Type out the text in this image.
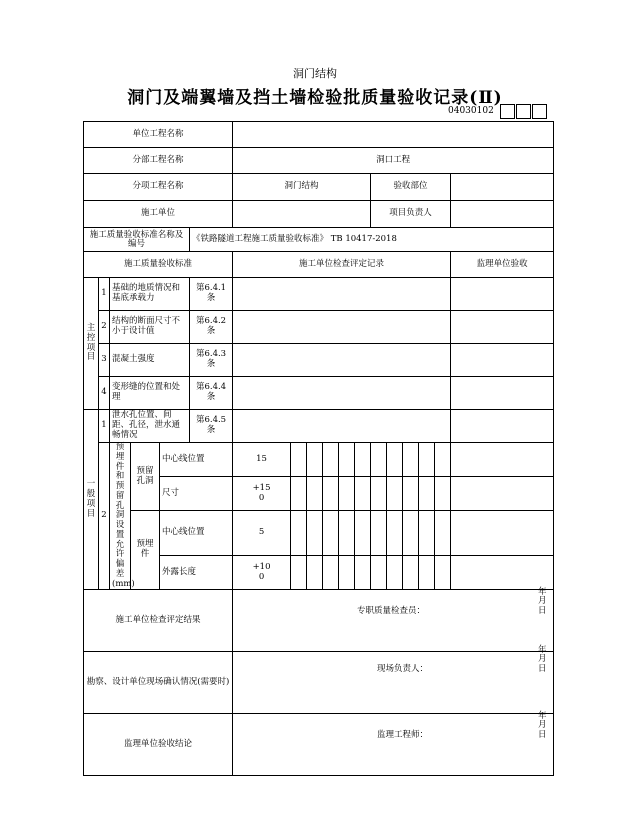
洞门结构
洞门及端翼墙及挡土墙检验批质量验收记录(Ⅱ)
04030102
单位工程名称																	
分部工程名称						洞口工程											
分项工程名称						洞门结构						验收部位					
施工单位												项目负责人					
施工质量验收标准名称及编号					《铁路隧道工程施工质量验收标准》 TB 10417-2018												
施工质量验收标准						施工单位检查评定记录											监理单位验收
主控项目	1	基础的地质情况和基底承载力			第6.4.1条												
	2	结构的断面尺寸不小于设计值			第6.4.2条												
	3	混凝土强度			第6.4.3条												
	4	变形缝的位置和处理			第6.4.4条												
一般项目	1	泄水孔位置、间距、孔径，泄水通畅情况			第6.4.5条												
	2	预埋件和预留孔洞设置允许偏差(mm)	预留孔洞	中心线位置		15											
				尺寸		+15
0											
			预埋件	中心线位置		5											
				外露长度		+10
0											
施工单位检查评定结果						专职质量检查员：
年　月　日											

勘察、设计单位现场确认情况(需要时)						现场负责人：
年　月　日											

监理单位验收结论						监理工程师：
年　月　日											
